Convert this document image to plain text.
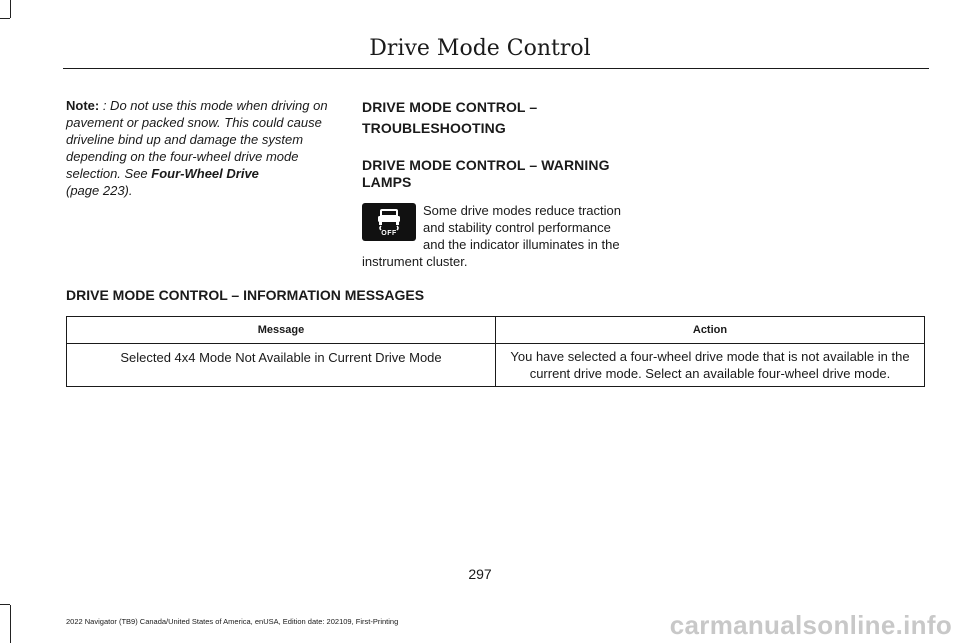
Drive Mode Control
Note: : Do not use this mode when driving on pavement or packed snow. This could cause driveline bind up and damage the system depending on the four-wheel drive mode selection. See Four-Wheel Drive
(page 223).
DRIVE MODE CONTROL –
TROUBLESHOOTING
DRIVE MODE CONTROL – WARNING
LAMPS
OFF
Some drive modes reduce traction and stability control performance and the indicator illuminates in the
instrument cluster.
DRIVE MODE CONTROL – INFORMATION MESSAGES
Message	Action
Selected 4x4 Mode Not Available in Current Drive Mode	You have selected a four-wheel drive mode that is not available in the current drive mode. Select an available four-wheel drive mode.
297
2022 Navigator (TB9) Canada/United States of America, enUSA, Edition date: 202109, First-Printing	carmanualsonline.info
